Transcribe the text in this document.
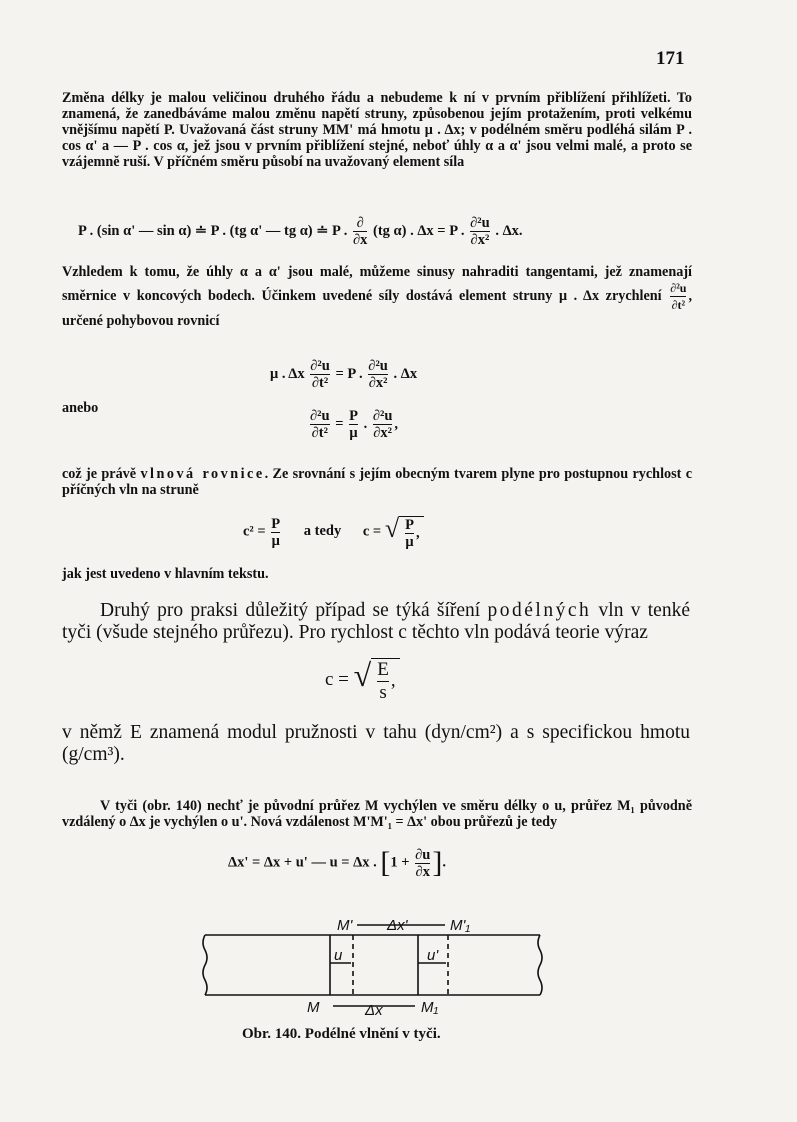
171

Změna délky je malou veličinou druhého řádu a nebudeme k ní v prvním přiblížení přihlížeti. To znamená, že zanedbáváme malou změnu napětí struny, způsobenou jejím protažením, proti velkému vnějšímu napětí P. Uvažovaná část struny MM' má hmotu μ . Δx; v podélném směru podléhá silám P . cos α' a — P . cos α, jež jsou v prvním přiblížení stejné, neboť úhly α a α' jsou velmi malé, a proto se vzájemně ruší. V příčném směru působí na uvažovaný element síla

P . (sin α' — sin α) ≐ P . (tg α' — tg α) ≐ P . $\frac{\partial}{\partial x} (tg$ α) . Δx = P . $\frac{\text{∂²u}}{\text{∂x²}}$ . Δx.

Vzhledem k tomu, že úhly α a α' jsou malé, můžeme sinusy nahraditi tangentami, jež znamenají směrnice v koncových bodech. Účinkem uvedené síly dostává element struny μ . Δx zrychlení $\frac{\text{∂²u}}{\text{∂t²}}$ , určené pohybovou rovnicí

μ . Δx $\frac{\text{∂²u}}{\text{∂t²}} = P$ . $\frac{\text{∂²u}}{\text{∂x²}}$ . Δx
anebo	$\frac{\text{∂²u}}{\text{∂t²}} = \frac{P}{\mu}$ . $\frac{\text{∂²u}}{\text{∂x²}}$ ,

což je právě vlnová rovnice. Ze srovnání s jejím obecným tvarem plyne pro postupnou rychlost c příčných vln na struně

$c^2 = \frac{P}{\mu}$ a tedy c = √ $\frac{P}{\mu}$ ,

jak jest uvedeno v hlavním tekstu.

Druhý pro praksi důležitý případ se týká šíření podélných vln v tenké tyči (všude stejného průřezu). Pro rychlost c těchto vln podává teorie výraz

c = √ $\frac{E}{s}$ ,

v němž E znamená modul pružnosti v tahu (dyn/cm²) a s specifickou hmotu (g/cm³).

V tyči (obr. 140) nechť je původní průřez M vychýlen ve směru délky o u, průřez M₁ původně vzdálený o Δx je vychýlen o u'. Nová vzdálenost M'M'₁ = Δx' obou průřezů je tedy

Δx' = Δx + u' — u = Δx . [$1 + \frac{\partial u}{\partial x}$ ].
M' Δx'	M'₁
u	u'
M	Δx	M₁
Obr. 140. Podélné vlnění v tyči.
